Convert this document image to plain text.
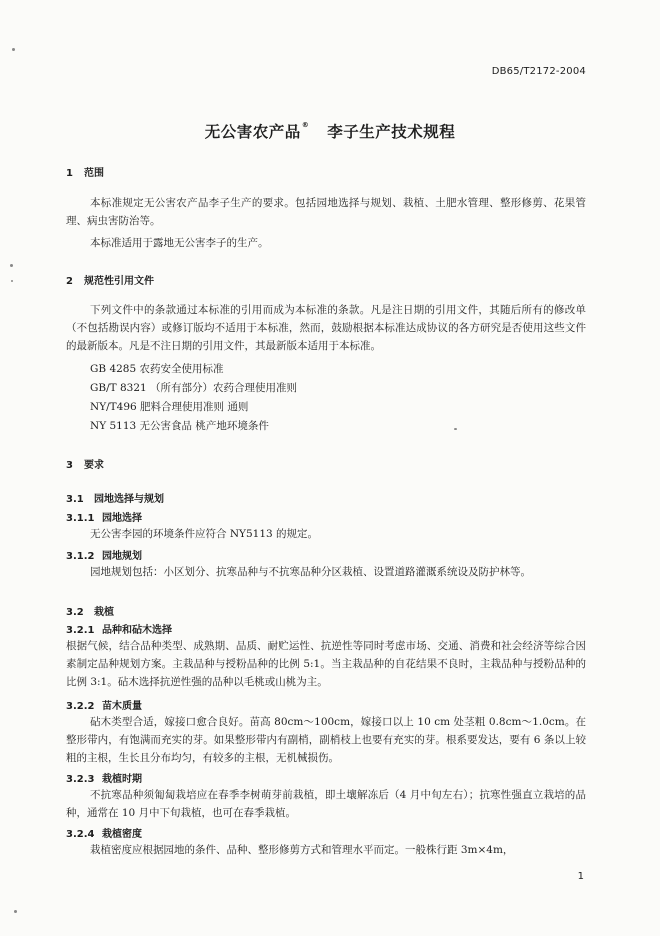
DB65/T2172-2004
无公害农产品® 李子生产技术规程
1 范围
本标准规定无公害农产品李子生产的要求。包括园地选择与规划、栽植、土肥水管理、整形修剪、花果管理、病虫害防治等。
本标准适用于露地无公害李子的生产。
2 规范性引用文件
下列文件中的条款通过本标准的引用而成为本标准的条款。凡是注日期的引用文件，其随后所有的修改单（不包括勘误内容）或修订版均不适用于本标准，然而，鼓励根据本标准达成协议的各方研究是否使用这些文件的最新版本。凡是不注日期的引用文件，其最新版本适用于本标准。
GB 4285 农药安全使用标准
GB/T 8321 （所有部分）农药合理使用准则
NY/T496 肥料合理使用准则 通则
NY 5113 无公害食品 桃产地环境条件
3 要求
3.1 园地选择与规划
3.1.1 园地选择
无公害李园的环境条件应符合 NY5113 的规定。
3.1.2 园地规划
园地规划包括：小区划分、抗寒品种与不抗寒品种分区栽植、设置道路灌溉系统设及防护林等。
3.2 栽植
3.2.1 品种和砧木选择
根据气候，结合品种类型、成熟期、品质、耐贮运性、抗逆性等同时考虑市场、交通、消费和社会经济等综合因素制定品种规划方案。主栽品种与授粉品种的比例 5:1。当主栽品种的自花结果不良时，主栽品种与授粉品种的比例 3:1。砧木选择抗逆性强的品种以毛桃或山桃为主。
3.2.2 苗木质量
砧木类型合适，嫁接口愈合良好。苗高 80cm～100cm，嫁接口以上 10 cm 处茎粗 0.8cm～1.0cm。在整形带内，有饱满而充实的芽。如果整形带内有副梢，副梢枝上也要有充实的芽。根系要发达，要有 6 条以上较粗的主根，生长且分布均匀，有较多的主根，无机械损伤。
3.2.3 栽植时期
不抗寒品种须匍匐栽培应在春季李树萌芽前栽植，即土壤解冻后（4 月中旬左右）；抗寒性强直立栽培的品种，通常在 10 月中下旬栽植，也可在春季栽植。
3.2.4 栽植密度
栽植密度应根据园地的条件、品种、整形修剪方式和管理水平而定。一般株行距 3m×4m，
1
